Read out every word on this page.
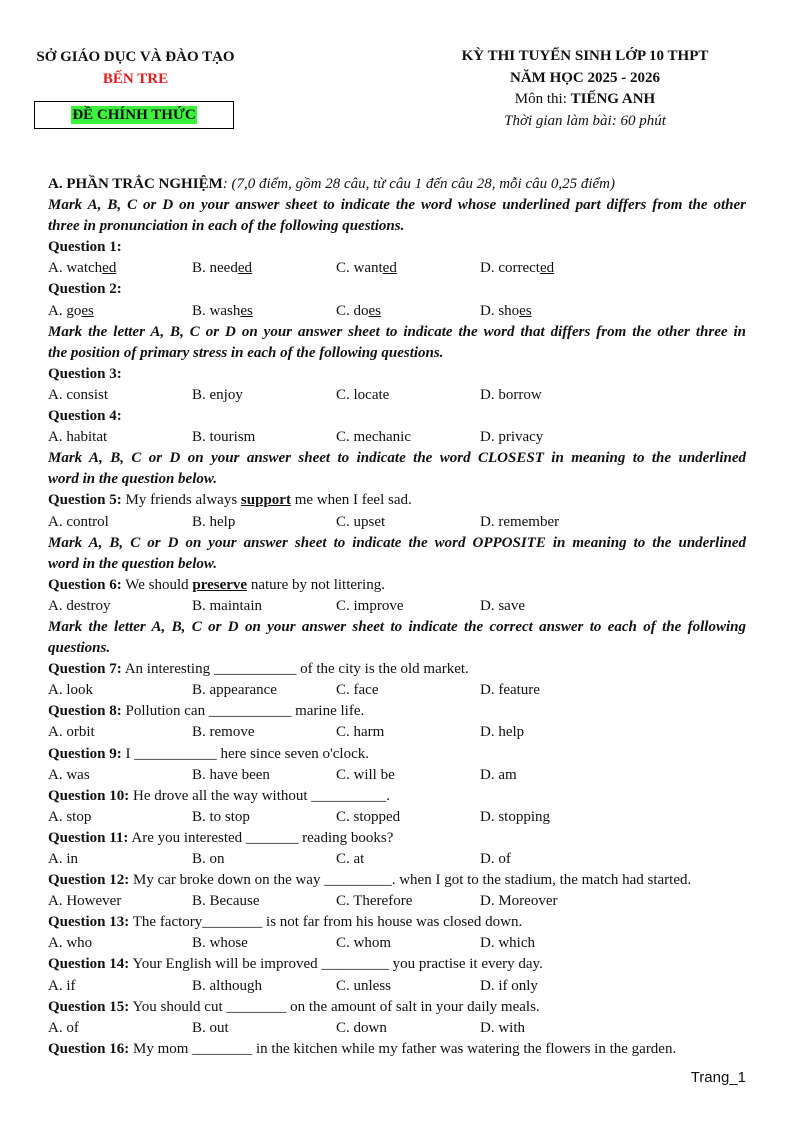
SỞ GIÁO DỤC VÀ ĐÀO TẠO
BẾN TRE
ĐỀ CHÍNH THỨC
KỲ THI TUYỂN SINH LỚP 10 THPT
NĂM HỌC 2025 - 2026
Môn thi: TIẾNG ANH
Thời gian làm bài: 60 phút
A. PHẦN TRẮC NGHIỆM: (7,0 điểm, gồm 28 câu, từ câu 1 đến câu 28, mỗi câu 0,25 điểm)
Mark A, B, C or D on your answer sheet to indicate the word whose underlined part differs from the other
three in pronunciation in each of the following questions.
Question 1:
A. watched	B. needed	C. wanted	D. corrected
Question 2:
A. goes	B. washes	C. does	D. shoes
Mark the letter A, B, C or D on your answer sheet to indicate the word that differs from the other three in
the position of primary stress in each of the following questions.
Question 3:
A. consist	B. enjoy	C. locate	D. borrow
Question 4:
A. habitat	B. tourism	C. mechanic	D. privacy
Mark A, B, C or D on your answer sheet to indicate the word CLOSEST in meaning to the underlined
word in the question below.
Question 5: My friends always support me when I feel sad.
A. control	B. help	C. upset	D. remember
Mark A, B, C or D on your answer sheet to indicate the word OPPOSITE in meaning to the underlined
word in the question below.
Question 6: We should preserve nature by not littering.
A. destroy	B. maintain	C. improve	D. save
Mark the letter A, B, C or D on your answer sheet to indicate the correct answer to each of the following
questions.
Question 7: An interesting ___________ of the city is the old market.
A. look	B. appearance	C. face	D. feature
Question 8: Pollution can ___________ marine life.
A. orbit	B. remove	C. harm	D. help
Question 9: I ___________ here since seven o'clock.
A. was	B. have been	C. will be	D. am
Question 10: He drove all the way without __________.
A. stop	B. to stop	C. stopped	D. stopping
Question 11: Are you interested _______ reading books?
A. in	B. on	C. at	D. of
Question 12: My car broke down on the way _________. when I got to the stadium, the match had started.
A. However	B. Because	C. Therefore	D. Moreover
Question 13: The factory________ is not far from his house was closed down.
A. who	B. whose	C. whom	D. which
Question 14: Your English will be improved _________ you practise it every day.
A. if	B. although	C. unless	D. if only
Question 15: You should cut ________ on the amount of salt in your daily meals.
A. of	B. out	C. down	D. with
Question 16: My mom ________ in the kitchen while my father was watering the flowers in the garden.
Trang_1
